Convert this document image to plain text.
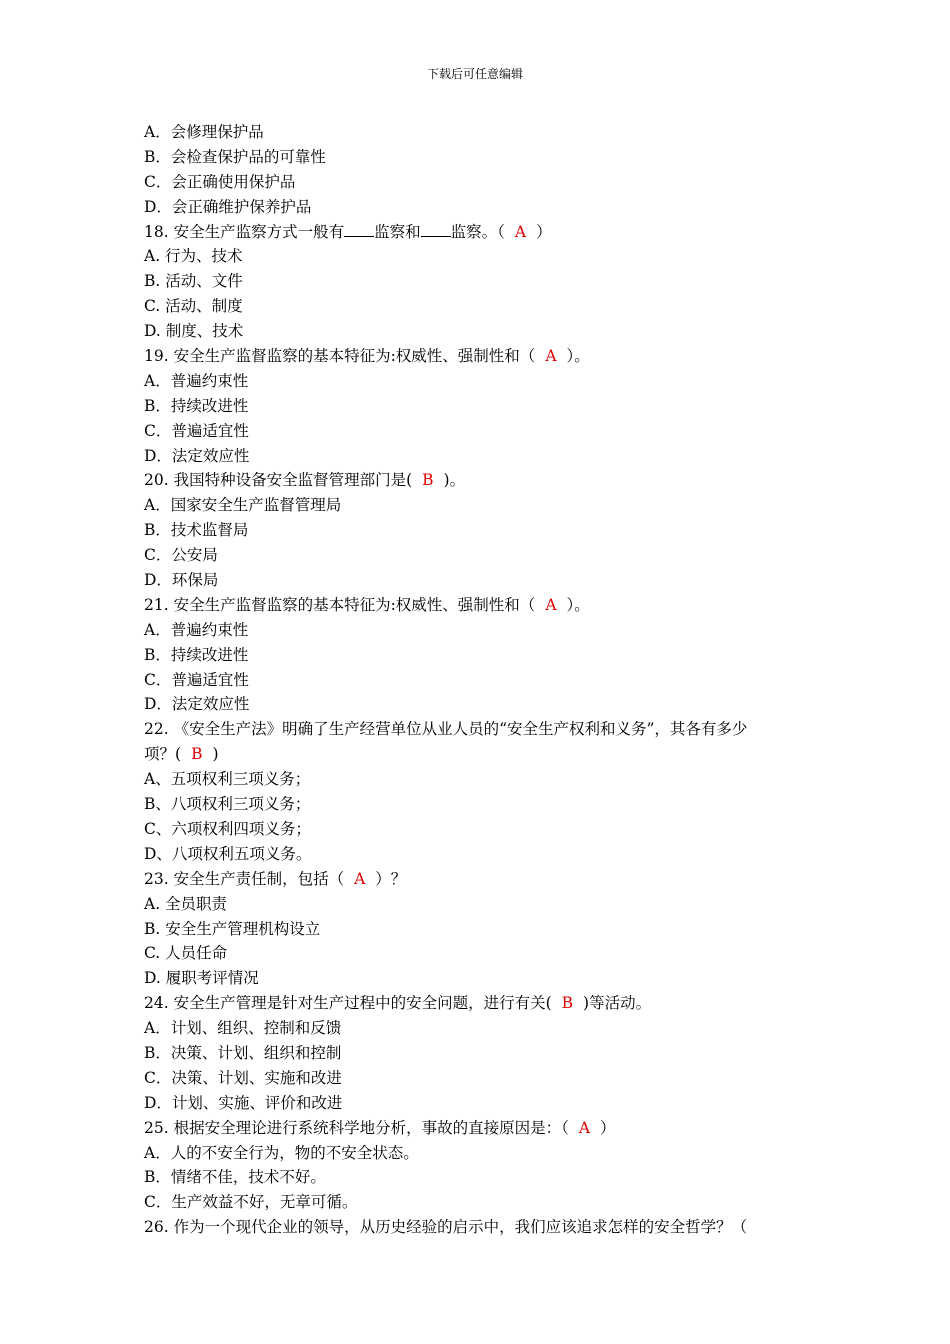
下载后可任意编辑
A．会修理保护品
B．会检查保护品的可靠性
C．会正确使用保护品
D．会正确维护保养护品
18. 安全生产监察方式一般有 监察和 监察。（ A ）
A. 行为、技术
B. 活动、文件
C. 活动、制度
D. 制度、技术
19. 安全生产监督监察的基本特征为:权威性、强制性和（ A ）。
A．普遍约束性
B．持续改进性
C．普遍适宜性
D．法定效应性
20. 我国特种设备安全监督管理部门是( B )。
A．国家安全生产监督管理局
B．技术监督局
C．公安局
D．环保局
21. 安全生产监督监察的基本特征为:权威性、强制性和（ A ）。
A．普遍约束性
B．持续改进性
C．普遍适宜性
D．法定效应性
22. 《安全生产法》明确了生产经营单位从业人员的“安全生产权利和义务”，其各有多少
项？( B )
A、五项权利三项义务；
B、八项权利三项义务；
C、六项权利四项义务；
D、八项权利五项义务。
23. 安全生产责任制，包括（ A ）？
A. 全员职责
B. 安全生产管理机构设立
C. 人员任命
D. 履职考评情况
24. 安全生产管理是针对生产过程中的安全问题，进行有关( B )等活动。
A．计划、组织、控制和反馈
B．决策、计划、组织和控制
C．决策、计划、实施和改进
D．计划、实施、评价和改进
25. 根据安全理论进行系统科学地分析，事故的直接原因是：（ A ）
A．人的不安全行为，物的不安全状态。
B．情绪不佳，技术不好。
C．生产效益不好，无章可循。
26. 作为一个现代企业的领导，从历史经验的启示中，我们应该追求怎样的安全哲学？（
